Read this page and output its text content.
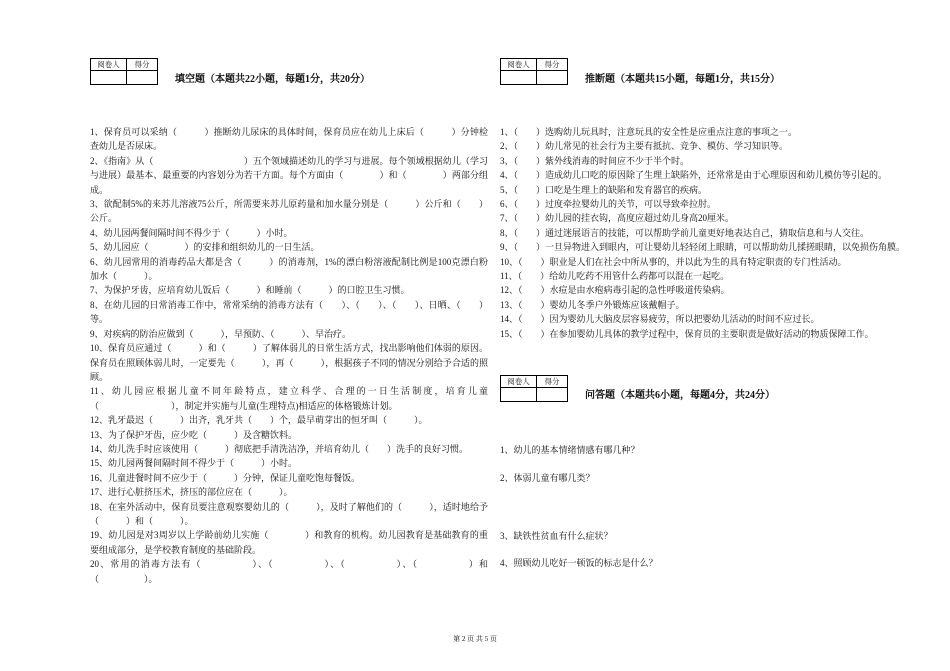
阅卷人	得分
填空题（本题共22小题，每题1分，共20分）

1、保育员可以采纳（　　　）推断幼儿尿床的具体时间，保育员应在幼儿上床后（　　　）分钟检查幼儿是否尿床。

2、《指南》从（　　　　　　　　　　）五个领域描述幼儿的学习与进展。每个领域根据幼儿（学习与进展）最基本、最重要的内容划分为若干方面。每个方面由（　　　　）和（　　　　）两部分组成。

3、欲配制5%的来苏儿溶液75公斤，所需要来苏儿原药量和加水量分别是（　　　）公斤和（　　）公斤。

4、幼儿园两餐间隔时间不得少于（　　　）小时。

5、幼儿园应（　　　　）的安排和组织幼儿的一日生活。

6、幼儿园常用的消毒药品大都是含（　　　）的消毒剂，1%的漂白粉溶液配制比例是100克漂白粉加水（　　　）。

7、为保护牙齿，应培育幼儿饭后（　　　）和睡前（　　　）的口腔卫生习惯。

8、在幼儿园的日常消毒工作中，常常采纳的消毒方法有（　　）、（　　）、（　　）、日晒、（　　）等。

9、对疾病的防治应做到（　　　），早预防、（　　　）、早治疗。

10、保育员应通过（　　　）和（　　　）了解体弱儿的日常生活方式，找出影响他们体弱的原因。保育员在照顾体弱儿时，一定要先（　　　），再（　　　），根据孩子不同的情况分别给予合适的照顾。

11、幼儿园应根据儿童不同年龄特点，建立科学、合理的一日生活制度，培育儿童（　　　　　　　　），制定并实施与儿童(生理特点)相适应的体格锻炼计划。

12、乳牙最迟（　　　）出齐，乳牙共（　　）个，最早萌芽出的恒牙叫（　　　）。

13、为了保护牙齿，应少吃（　　　）及含糖饮料。

14、幼儿洗手时应该使用（　　　）彻底把手清洗洁净，并培育幼儿（　　）洗手的良好习惯。

15、幼儿园两餐间隔时间不得少于（　　　）小时。

16、儿童进餐时间不应少于（　　　）分钟，保证儿童吃饱每餐饭。

17、进行心脏挤压术，挤压的部位应在（　　　）。

18、在室外活动中，保育员要注意观察婴幼儿的（　　　），及时了解他们的（　　　），适时地给予（　　　）和（　　　）。

19、幼儿园是对3周岁以上学龄前幼儿实施（　　　　）和教育的机构。幼儿园教育是基础教育的重要组成部分，是学校教育制度的基础阶段。

20、常用的消毒方法有（　　　　　）、（　　　　　）、（　　　　　）、（　　　　　）和（　　　　　）。

阅卷人	得分
推断题（本题共15小题，每题1分，共15分）

1、（　　）选购幼儿玩具时，注意玩具的安全性是应重点注意的事项之一。

2、（　　）幼儿常见的社会行为主要有抵抗、竞争、模仿、学习知识等。

3、（　　）紫外线消毒的时间应不少于半个时。

4、（　　）造成幼儿口吃的原因除了生理上缺陷外，还常常是由于心理原因和幼儿模仿等引起的。

5、（　　）口吃是生理上的缺陷和发育器官的疾病。

6、（　　）过度牵拉婴幼儿的关节，可以导致牵拉肘。

7、（　　）幼儿园的挂衣钩，高度应超过幼儿身高20厘米。

8、（　　）通过迷展语言的技能，可以帮助学前儿童更好地表达自己，猜取信息和与人交往。

9、（　　）一旦异物进入到眼内，可让婴幼儿轻轻闭上眼睛，可以帮助幼儿揉搓眼睛，以免损伤角膜。

10、（　　）职业是人们在社会中所从事的，并以此为生的具有特定职责的专门性活动。

11、（　　）给幼儿吃药不用管什么药都可以混在一起吃。

12、（　　）水痘是由水疱病毒引起的急性呼吸道传染病。

13、（　　）婴幼儿冬季户外锻炼应该戴帽子。

14、（　　）因为婴幼儿大脑皮层容易疲劳，所以把婴幼儿活动的时间不应过长。

15、（　　）在参加婴幼儿具体的教学过程中，保育员的主要职责是做好活动的物质保障工作。

阅卷人	得分
问答题（本题共6小题，每题4分，共24分）
1、幼儿的基本情绪情感有哪几种？
2、体弱儿童有哪几类？
3、缺铁性贫血有什么症状？
4、照顾幼儿吃好一顿饭的标志是什么？
第 2 页 共 5 页
